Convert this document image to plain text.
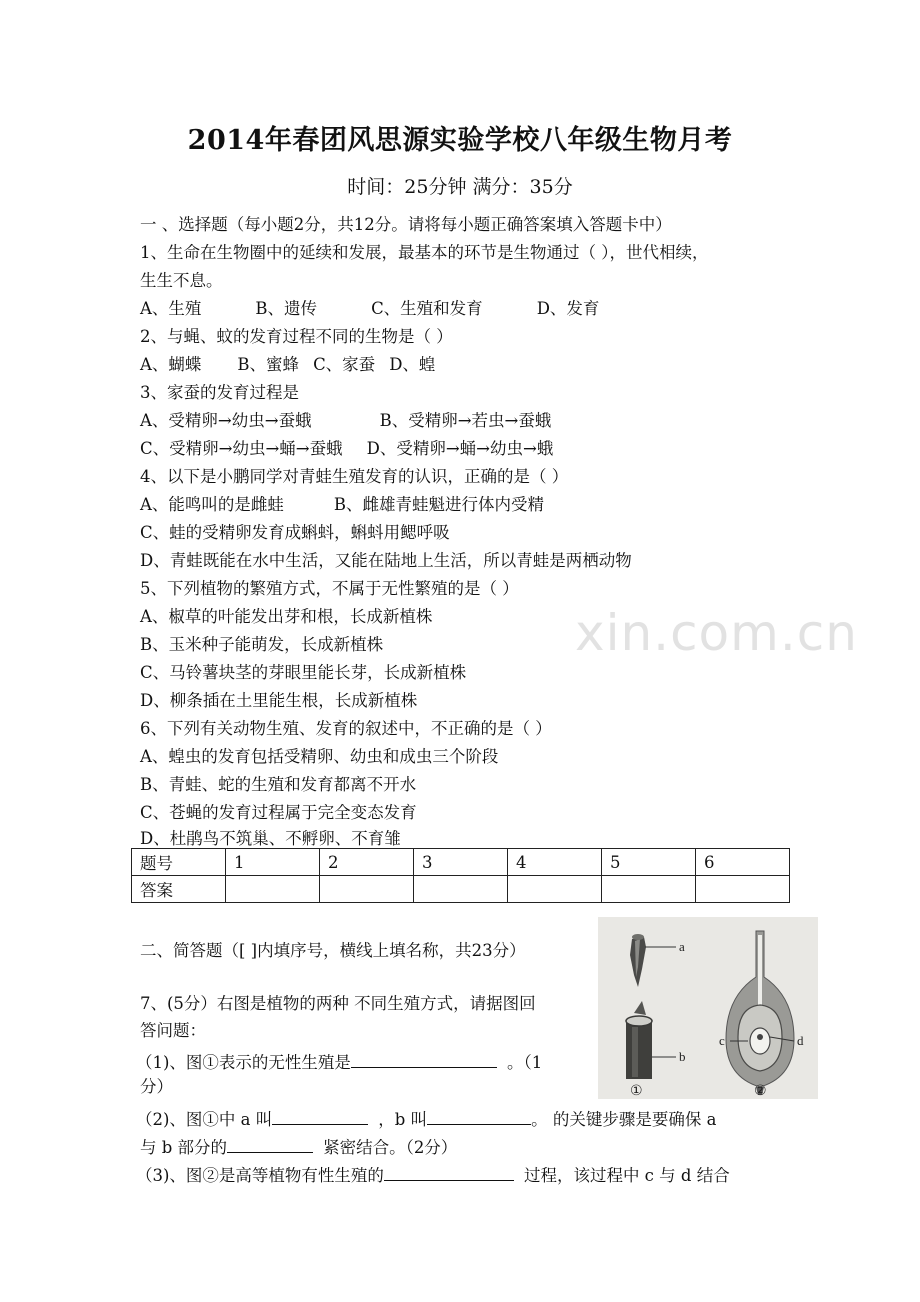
xin.com.cn
2014年春团风思源实验学校八年级生物月考
时间：25分钟 满分：35分
一 、选择题（每小题2分，共12分。请将每小题正确答案填入答题卡中）
1、生命在生物圈中的延续和发展，最基本的环节是生物通过（ ），世代相续，
生生不息。
A、生殖	B、遗传	C、生殖和发育	D、发育
2、与蝇、蚊的发育过程不同的生物是（ ）
A、蝴蝶 B、蜜蜂 C、家蚕 D、蝗
3、家蚕的发育过程是
A、受精卵→幼虫→蚕蛾	B、受精卵→若虫→蚕蛾
C、受精卵→幼虫→蛹→蚕蛾 D、受精卵→蛹→幼虫→蛾
4、以下是小鹏同学对青蛙生殖发育的认识，正确的是（ ）
A、能鸣叫的是雌蛙	B、雌雄青蛙魁进行体内受精
C、蛙的受精卵发育成蝌蚪，蝌蚪用鳃呼吸
D、青蛙既能在水中生活，又能在陆地上生活，所以青蛙是两栖动物
5、下列植物的繁殖方式，不属于无性繁殖的是（ ）
A、椒草的叶能发出芽和根，长成新植株
B、玉米种子能萌发，长成新植株
C、马铃薯块茎的芽眼里能长芽，长成新植株
D、柳条插在土里能生根，长成新植株
6、下列有关动物生殖、发育的叙述中，不正确的是（ ）
A、蝗虫的发育包括受精卵、幼虫和成虫三个阶段
B、青蛙、蛇的生殖和发育都离不开水
C、苍蝇的发育过程属于完全变态发育
D、杜鹃鸟不筑巢、不孵卵、不育雏
题号	1	2	3	4	5	6
答案						
二、简答题（[ ]内填序号，横线上填名称，共23分）
7、(5分）右图是植物的两种 不同生殖方式，请据图回
答问题：
（1)、图①表示的无性生殖是	。（1
分）
（2)、图①中 a 叫	，b 叫	。 的关键步骤是要确保 a
与 b 部分的	紧密结合。（2分）
（3)、图②是高等植物有性生殖的	过程，该过程中 c 与 d 结合
a
b
c	d
①	②
